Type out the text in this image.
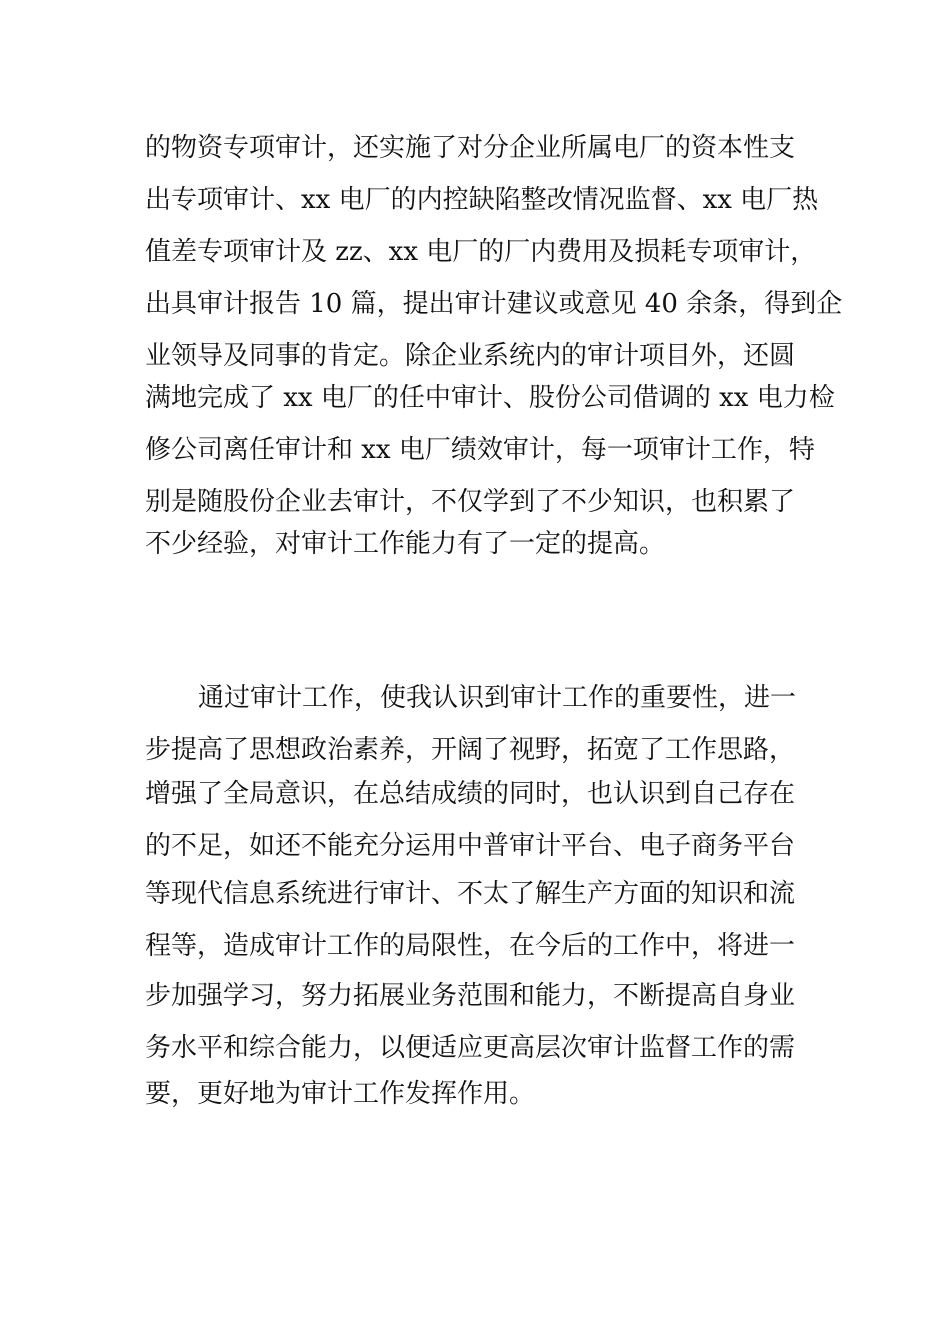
的物资专项审计，还实施了对分企业所属电厂的资本性支

出专项审计、xx 电厂的内控缺陷整改情况监督、xx 电厂热

值差专项审计及 zz、xx 电厂的厂内费用及损耗专项审计，

出具审计报告 10 篇，提出审计建议或意见 40 余条，得到企

业领导及同事的肯定。除企业系统内的审计项目外，还圆

满地完成了 xx 电厂的任中审计、股份公司借调的 xx 电力检

修公司离任审计和 xx 电厂绩效审计，每一项审计工作，特

别是随股份企业去审计，不仅学到了不少知识，也积累了

不少经验，对审计工作能力有了一定的提高。

通过审计工作，使我认识到审计工作的重要性，进一

步提高了思想政治素养，开阔了视野，拓宽了工作思路，

增强了全局意识，在总结成绩的同时，也认识到自己存在

的不足，如还不能充分运用中普审计平台、电子商务平台

等现代信息系统进行审计、不太了解生产方面的知识和流

程等，造成审计工作的局限性，在今后的工作中，将进一

步加强学习，努力拓展业务范围和能力，不断提高自身业

务水平和综合能力，以便适应更高层次审计监督工作的需

要，更好地为审计工作发挥作用。
